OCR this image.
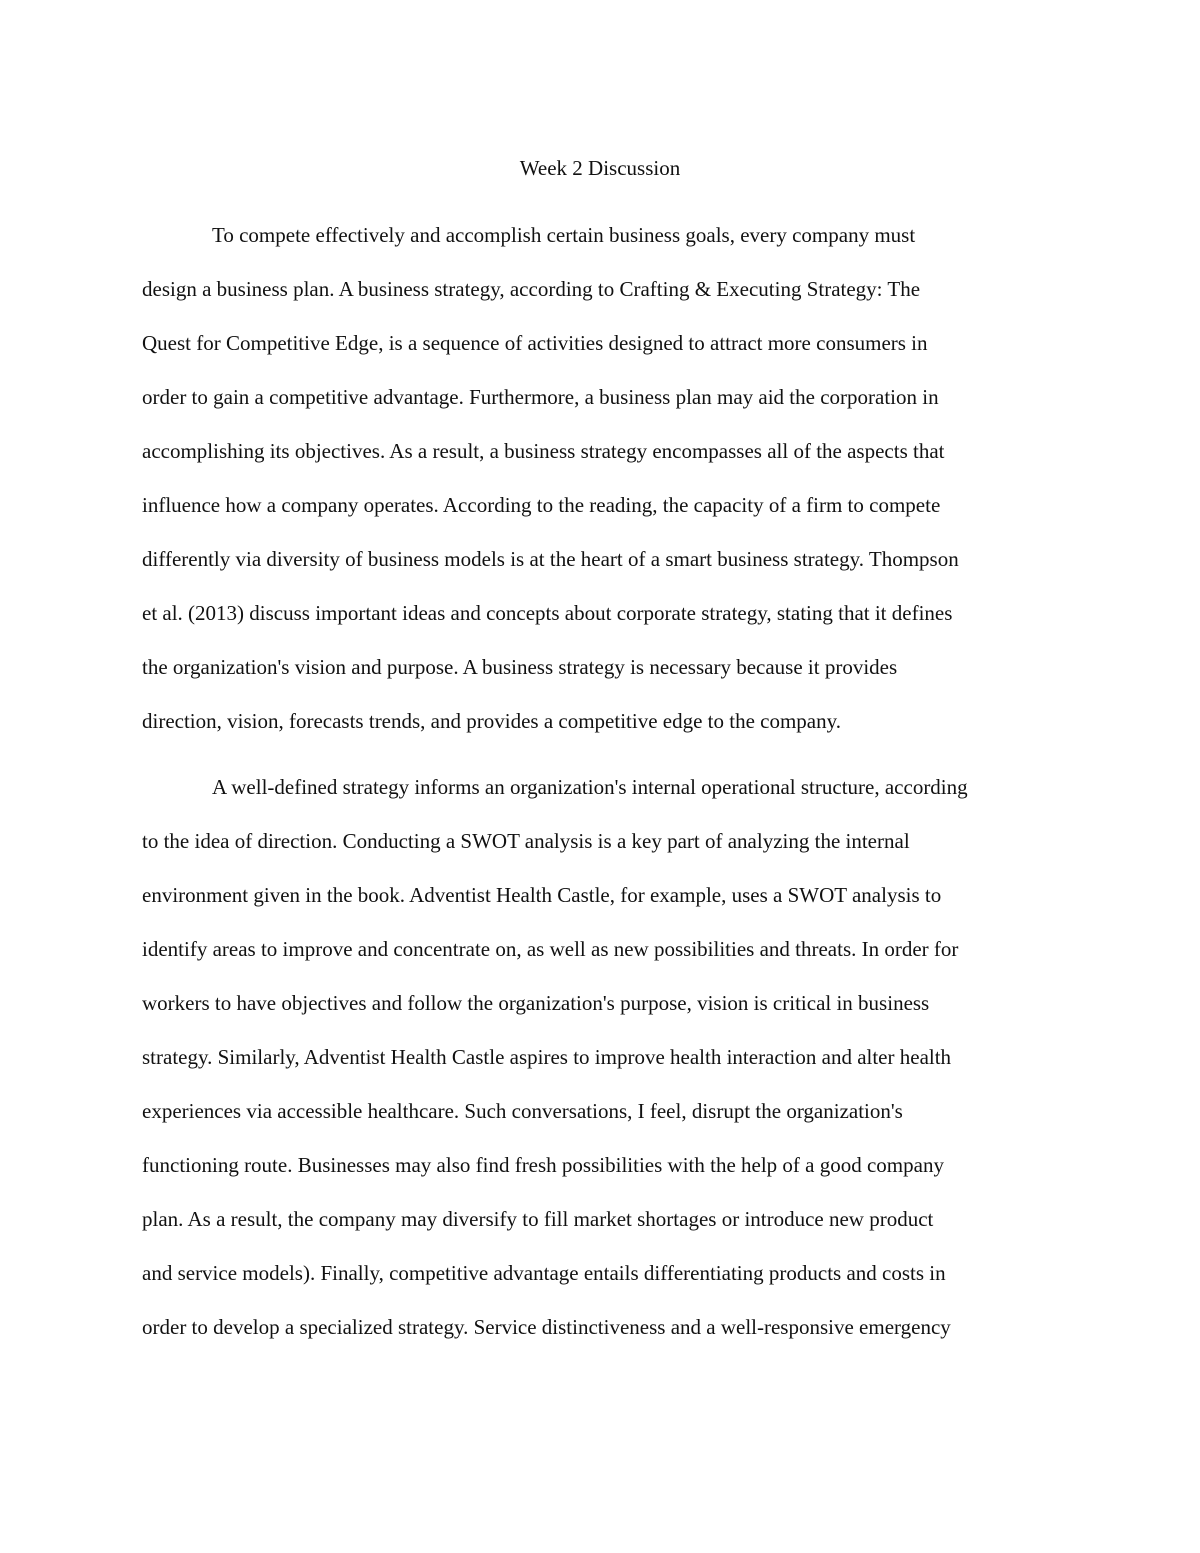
Week 2 Discussion

To compete effectively and accomplish certain business goals, every company must

design a business plan. A business strategy, according to Crafting & Executing Strategy: The

Quest for Competitive Edge, is a sequence of activities designed to attract more consumers in

order to gain a competitive advantage. Furthermore, a business plan may aid the corporation in

accomplishing its objectives. As a result, a business strategy encompasses all of the aspects that

influence how a company operates. According to the reading, the capacity of a firm to compete

differently via diversity of business models is at the heart of a smart business strategy. Thompson

et al. (2013) discuss important ideas and concepts about corporate strategy, stating that it defines

the organization's vision and purpose. A business strategy is necessary because it provides

direction, vision, forecasts trends, and provides a competitive edge to the company.

A well-defined strategy informs an organization's internal operational structure, according

to the idea of direction. Conducting a SWOT analysis is a key part of analyzing the internal

environment given in the book. Adventist Health Castle, for example, uses a SWOT analysis to

identify areas to improve and concentrate on, as well as new possibilities and threats. In order for

workers to have objectives and follow the organization's purpose, vision is critical in business

strategy. Similarly, Adventist Health Castle aspires to improve health interaction and alter health

experiences via accessible healthcare. Such conversations, I feel, disrupt the organization's

functioning route. Businesses may also find fresh possibilities with the help of a good company

plan. As a result, the company may diversify to fill market shortages or introduce new product

and service models). Finally, competitive advantage entails differentiating products and costs in

order to develop a specialized strategy. Service distinctiveness and a well-responsive emergency
